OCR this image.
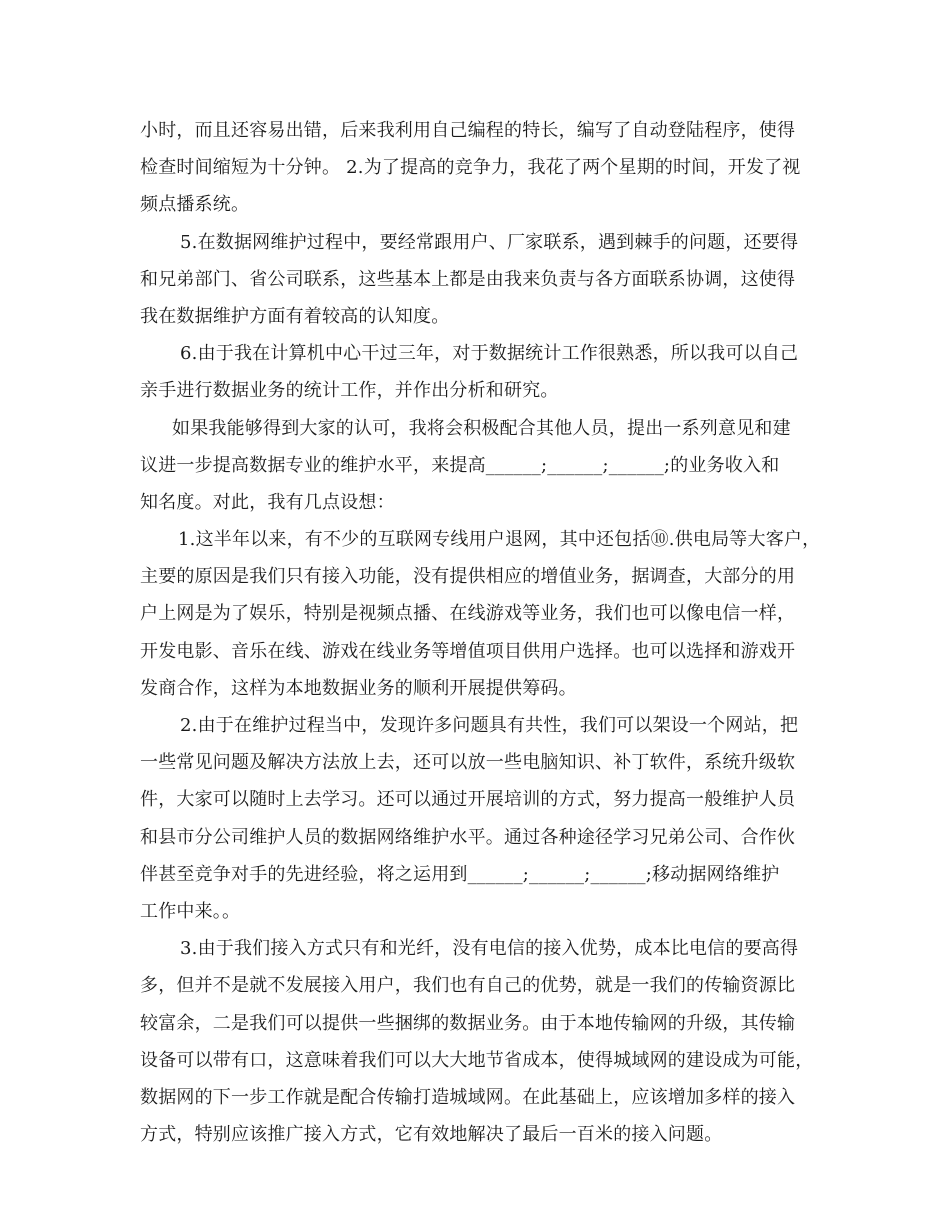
小时，而且还容易出错，后来我利用自己编程的特长，编写了自动登陆程序，使得
检查时间缩短为十分钟。 2.为了提高的竞争力，我花了两个星期的时间，开发了视
频点播系统。
5.在数据网维护过程中，要经常跟用户、厂家联系，遇到棘手的问题，还要得
和兄弟部门、省公司联系，这些基本上都是由我来负责与各方面联系协调，这使得
我在数据维护方面有着较高的认知度。
6.由于我在计算机中心干过三年，对于数据统计工作很熟悉，所以我可以自己
亲手进行数据业务的统计工作，并作出分析和研究。
如果我能够得到大家的认可，我将会积极配合其他人员，提出一系列意见和建
议进一步提高数据专业的维护水平，来提高______;______;______;的业务收入和
知名度。对此，我有几点设想：
1.这半年以来，有不少的互联网专线用户退网，其中还包括⑩.供电局等大客户，
主要的原因是我们只有接入功能，没有提供相应的增值业务，据调查，大部分的用
户上网是为了娱乐，特别是视频点播、在线游戏等业务，我们也可以像电信一样，
开发电影、音乐在线、游戏在线业务等增值项目供用户选择。也可以选择和游戏开
发商合作，这样为本地数据业务的顺利开展提供筹码。
2.由于在维护过程当中，发现许多问题具有共性，我们可以架设一个网站，把
一些常见问题及解决方法放上去，还可以放一些电脑知识、补丁软件，系统升级软
件，大家可以随时上去学习。还可以通过开展培训的方式，努力提高一般维护人员
和县市分公司维护人员的数据网络维护水平。通过各种途径学习兄弟公司、合作伙
伴甚至竞争对手的先进经验，将之运用到______;______;______;移动据网络维护
工作中来。。
3.由于我们接入方式只有和光纤，没有电信的接入优势，成本比电信的要高得
多，但并不是就不发展接入用户，我们也有自己的优势，就是一我们的传输资源比
较富余，二是我们可以提供一些捆绑的数据业务。由于本地传输网的升级，其传输
设备可以带有口，这意味着我们可以大大地节省成本，使得城域网的建设成为可能，
数据网的下一步工作就是配合传输打造城域网。在此基础上，应该增加多样的接入
方式，特别应该推广接入方式，它有效地解决了最后一百米的接入问题。
